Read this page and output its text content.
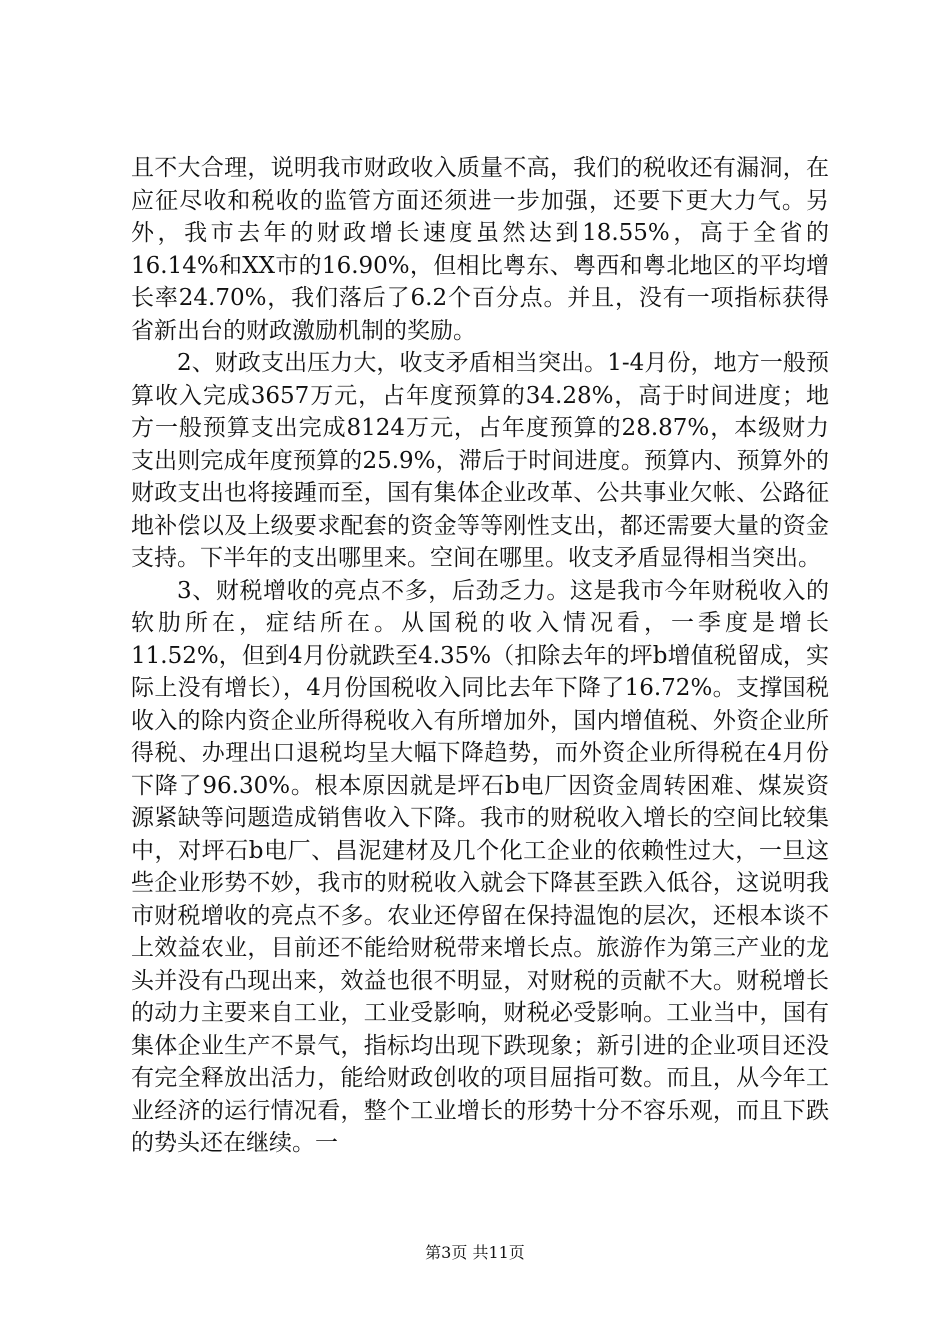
且不大合理，说明我市财政收入质量不高，我们的税收还有漏洞，在应征尽收和税收的监管方面还须进一步加强，还要下更大力气。另外，我市去年的财政增长速度虽然达到18.55%，高于全省的16.14%和XX市的16.90%，但相比粤东、粤西和粤北地区的平均增长率24.70%，我们落后了6.2个百分点。并且，没有一项指标获得省新出台的财政激励机制的奖励。

2、财政支出压力大，收支矛盾相当突出。1-4月份，地方一般预算收入完成3657万元，占年度预算的34.28%，高于时间进度；地方一般预算支出完成8124万元，占年度预算的28.87%，本级财力支出则完成年度预算的25.9%，滞后于时间进度。预算内、预算外的财政支出也将接踵而至，国有集体企业改革、公共事业欠帐、公路征地补偿以及上级要求配套的资金等等刚性支出，都还需要大量的资金支持。下半年的支出哪里来。空间在哪里。收支矛盾显得相当突出。

3、财税增收的亮点不多，后劲乏力。这是我市今年财税收入的软肋所在，症结所在。从国税的收入情况看，一季度是增长11.52%，但到4月份就跌至4.35%（扣除去年的坪b增值税留成，实际上没有增长），4月份国税收入同比去年下降了16.72%。支撑国税收入的除内资企业所得税收入有所增加外，国内增值税、外资企业所得税、办理出口退税均呈大幅下降趋势，而外资企业所得税在4月份下降了96.30%。根本原因就是坪石b电厂因资金周转困难、煤炭资源紧缺等问题造成销售收入下降。我市的财税收入增长的空间比较集中，对坪石b电厂、昌泥建材及几个化工企业的依赖性过大，一旦这些企业形势不妙，我市的财税收入就会下降甚至跌入低谷，这说明我市财税增收的亮点不多。农业还停留在保持温饱的层次，还根本谈不上效益农业，目前还不能给财税带来增长点。旅游作为第三产业的龙头并没有凸现出来，效益也很不明显，对财税的贡献不大。财税增长的动力主要来自工业，工业受影响，财税必受影响。工业当中，国有集体企业生产不景气，指标均出现下跌现象；新引进的企业项目还没有完全释放出活力，能给财政创收的项目屈指可数。而且，从今年工业经济的运行情况看，整个工业增长的形势十分不容乐观，而且下跌的势头还在继续。一

第3页 共11页
